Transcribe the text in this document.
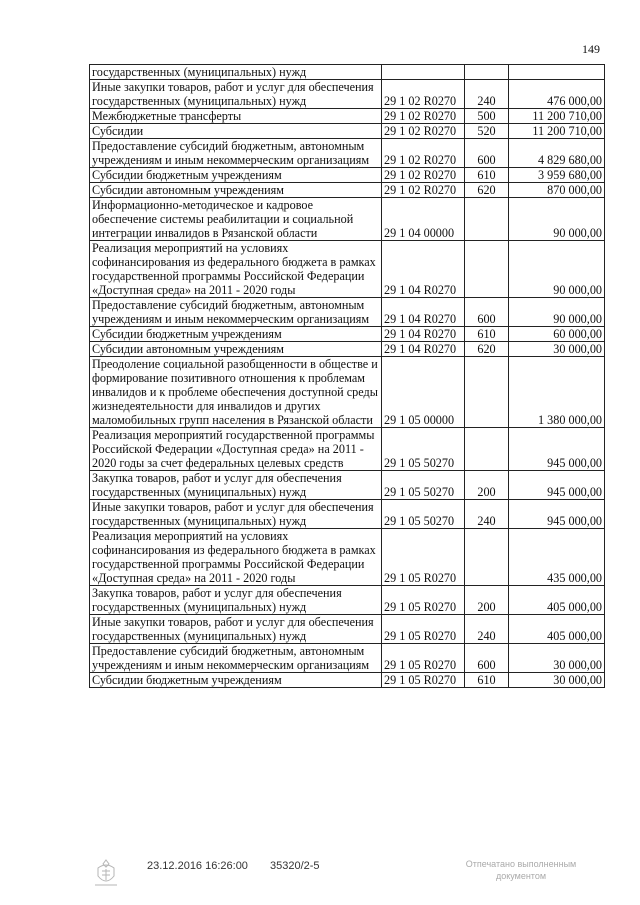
149
государственных (муниципальных) нужд			
Иные закупки товаров, работ и услуг для обеспечения государственных (муниципальных) нужд	29 1 02 R0270	240	476 000,00
Межбюджетные трансферты	29 1 02 R0270	500	11 200 710,00
Субсидии	29 1 02 R0270	520	11 200 710,00
Предоставление субсидий бюджетным, автономным учреждениям и иным некоммерческим организациям	29 1 02 R0270	600	4 829 680,00
Субсидии бюджетным учреждениям	29 1 02 R0270	610	3 959 680,00
Субсидии автономным учреждениям	29 1 02 R0270	620	870 000,00
Информационно-методическое и кадровое обеспечение системы реабилитации и социальной интеграции инвалидов в Рязанской области	29 1 04 00000		90 000,00
Реализация мероприятий на условиях софинансирования из федерального бюджета в рамках государственной программы Российской Федерации «Доступная среда» на 2011 - 2020 годы	29 1 04 R0270		90 000,00
Предоставление субсидий бюджетным, автономным учреждениям и иным некоммерческим организациям	29 1 04 R0270	600	90 000,00
Субсидии бюджетным учреждениям	29 1 04 R0270	610	60 000,00
Субсидии автономным учреждениям	29 1 04 R0270	620	30 000,00
Преодоление социальной разобщенности в обществе и формирование позитивного отношения к проблемам инвалидов и к проблеме обеспечения доступной среды жизнедеятельности для инвалидов и других маломобильных групп населения в Рязанской области	29 1 05 00000		1 380 000,00
Реализация мероприятий государственной программы Российской Федерации «Доступная среда» на 2011 - 2020 годы за счет федеральных целевых средств	29 1 05 50270		945 000,00
Закупка товаров, работ и услуг для обеспечения государственных (муниципальных) нужд	29 1 05 50270	200	945 000,00
Иные закупки товаров, работ и услуг для обеспечения государственных (муниципальных) нужд	29 1 05 50270	240	945 000,00
Реализация мероприятий на условиях софинансирования из федерального бюджета в рамках государственной программы Российской Федерации «Доступная среда» на 2011 - 2020 годы	29 1 05 R0270		435 000,00
Закупка товаров, работ и услуг для обеспечения государственных (муниципальных) нужд	29 1 05 R0270	200	405 000,00
Иные закупки товаров, работ и услуг для обеспечения государственных (муниципальных) нужд	29 1 05 R0270	240	405 000,00
Предоставление субсидий бюджетным, автономным учреждениям и иным некоммерческим организациям	29 1 05 R0270	600	30 000,00
Субсидии бюджетным учреждениям	29 1 05 R0270	610	30 000,00
23.12.2016 16:26:00 35320/2-5	Отпечатано выполненным документом
